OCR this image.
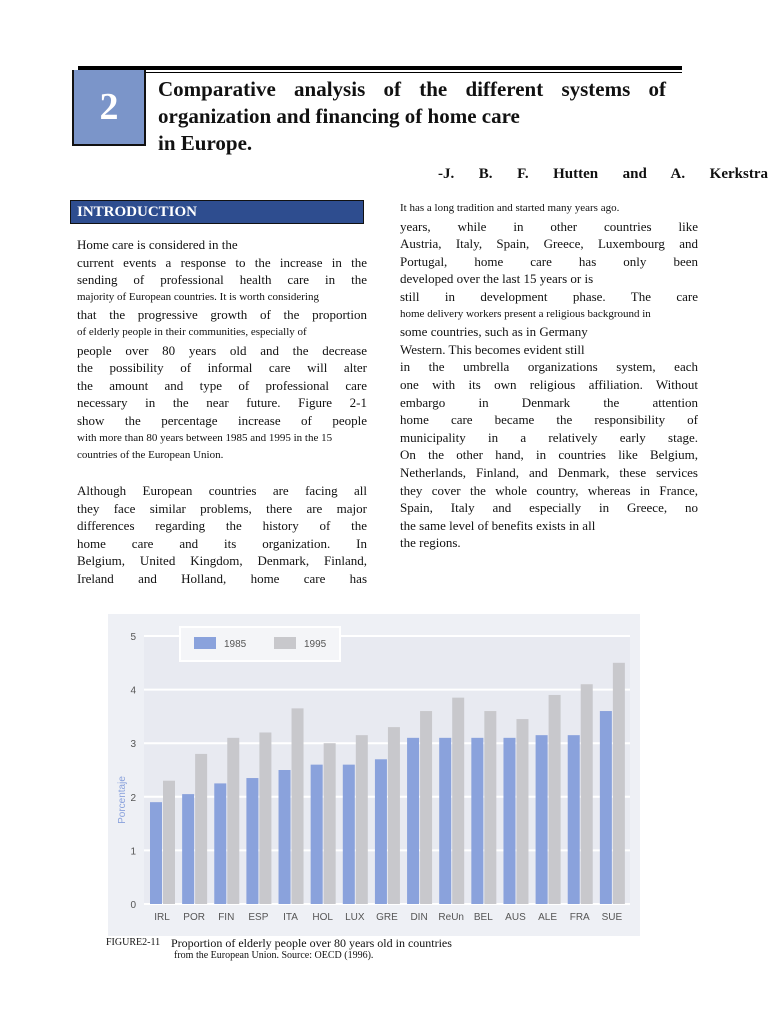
2 Comparative analysis of the different systems of
organization and financing of home care
in Europe.
-J. B. F. Hutten and A. Kerkstra
INTRODUCTION
Home care is considered in the
current events a response to the increase in the
sending of professional health care in the
majority of European countries. It is worth considering
that the progressive growth of the proportion
of elderly people in their communities, especially of
people over 80 years old and the decrease
the possibility of informal care will alter
the amount and type of professional care
necessary in the near future. Figure 2-1
show the percentage increase of people
with more than 80 years between 1985 and 1995 in the 15
countries of the European Union.
Although European countries are facing all
they face similar problems, there are major
differences regarding the history of the
home care and its organization. In
Belgium, United Kingdom, Denmark, Finland,
Ireland and Holland, home care has
It has a long tradition and started many years ago.
years, while in other countries like
Austria, Italy, Spain, Greece, Luxembourg and
Portugal, home care has only been
developed over the last 15 years or is
still in development phase. The care
home delivery workers present a religious background in
some countries, such as in Germany
Western. This becomes evident still
in the umbrella organizations system, each
one with its own religious affiliation. Without
embargo in Denmark the attention
home care became the responsibility of
municipality in a relatively early stage.
On the other hand, in countries like Belgium,
Netherlands, Finland, and Denmark, these services
they cover the whole country, whereas in France,
Spain, Italy and especially in Greece, no
the same level of benefits exists in all
the regions.
0
1
2
3
4
5
Porcentaje
IRL POR FIN ESP ITA HOL LUX GRE DIN ReUn BEL AUS ALE FRA SUE
1985	1995
FIGURE2-11 Proportion of elderly people over 80 years old in countries
from the European Union. Source: OECD (1996).
